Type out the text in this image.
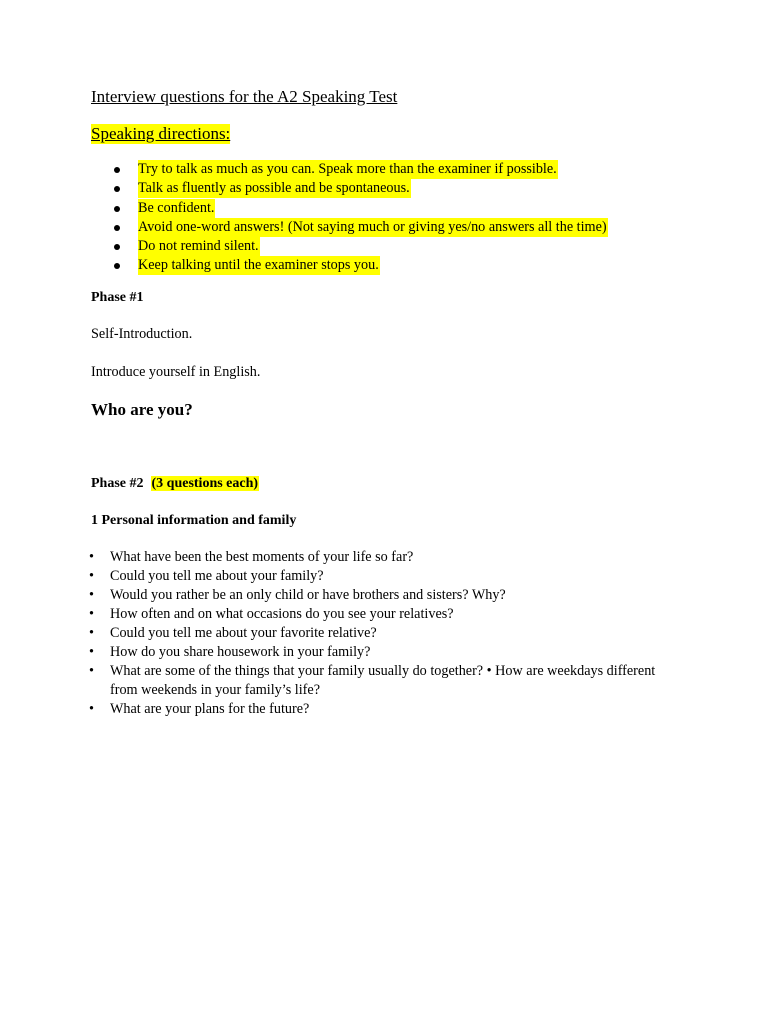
Interview questions for the A2 Speaking Test
Speaking directions:
Try to talk as much as you can. Speak more than the examiner if possible.
Talk as fluently as possible and be spontaneous.
Be confident.
Avoid one-word answers! (Not saying much or giving yes/no answers all the time)
Do not remind silent.
Keep talking until the examiner stops you.
Phase #1
Self-Introduction.
Introduce yourself in English.
Who are you?
Phase #2 (3 questions each)
1 Personal information and family
• What have been the best moments of your life so far?
• Could you tell me about your family?
• Would you rather be an only child or have brothers and sisters? Why?
• How often and on what occasions do you see your relatives?
• Could you tell me about your favorite relative?
• How do you share housework in your family?
• What are some of the things that your family usually do together? • How are weekdays different from weekends in your family’s life?
• What are your plans for the future?
